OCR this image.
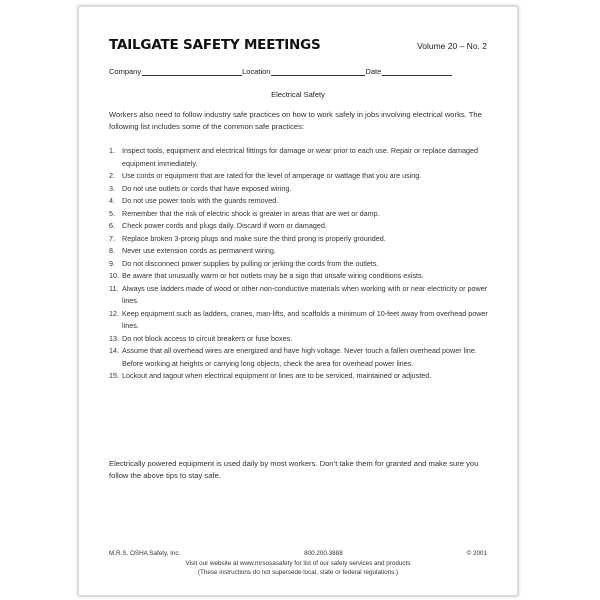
TAILGATE SAFETY MEETINGS	Volume 20 – No. 2
Company	Location	Date
Electrical Safety
Workers also need to follow industry safe practices on how to work safely in jobs involving electrical works. The following list includes some of the common safe practices:
1. Inspect tools, equipment and electrical fittings for damage or wear prior to each use. Repair or replace damaged equipment immediately.
2. Use cords or equipment that are rated for the level of amperage or wattage that you are using.
3. Do not use outlets or cords that have exposed wiring.
4. Do not use power tools with the guards removed.
5. Remember that the risk of electric shock is greater in areas that are wet or damp.
6. Check power cords and plugs daily. Discard if worn or damaged.
7. Replace broken 3-prong plugs and make sure the third prong is properly grounded.
8. Never use extension cords as permanent wiring.
9. Do not disconnect power supplies by pulling or jerking the cords from the outlets.
10. Be aware that unusually warm or hot outlets may be a sign that unsafe wiring conditions exists.
11. Always use ladders made of wood or other non-conductive materials when working with or near electricity or power lines.
12. Keep equipment such as ladders, cranes, man-lifts, and scaffolds a minimum of 10-feet away from overhead power lines.
13. Do not block access to circuit breakers or fuse boxes.
14. Assume that all overhead wires are energized and have high voltage. Never touch a fallen overhead power line. Before working at heights or carrying long objects, check the area for overhead power lines.
15. Lockout and tagout when electrical equipment or lines are to be serviced, maintained or adjusted.
Electrically powered equipment is used daily by most workers. Don’t take them for granted and make sure you follow the above tips to stay safe.
M.R.S. OSHA Safety, Inc.	800.200.3888	© 2001
Visit our website at www.mrsosasafety for list of our safety services and products
(These instructions do not supersede local, state or federal regulations.)
